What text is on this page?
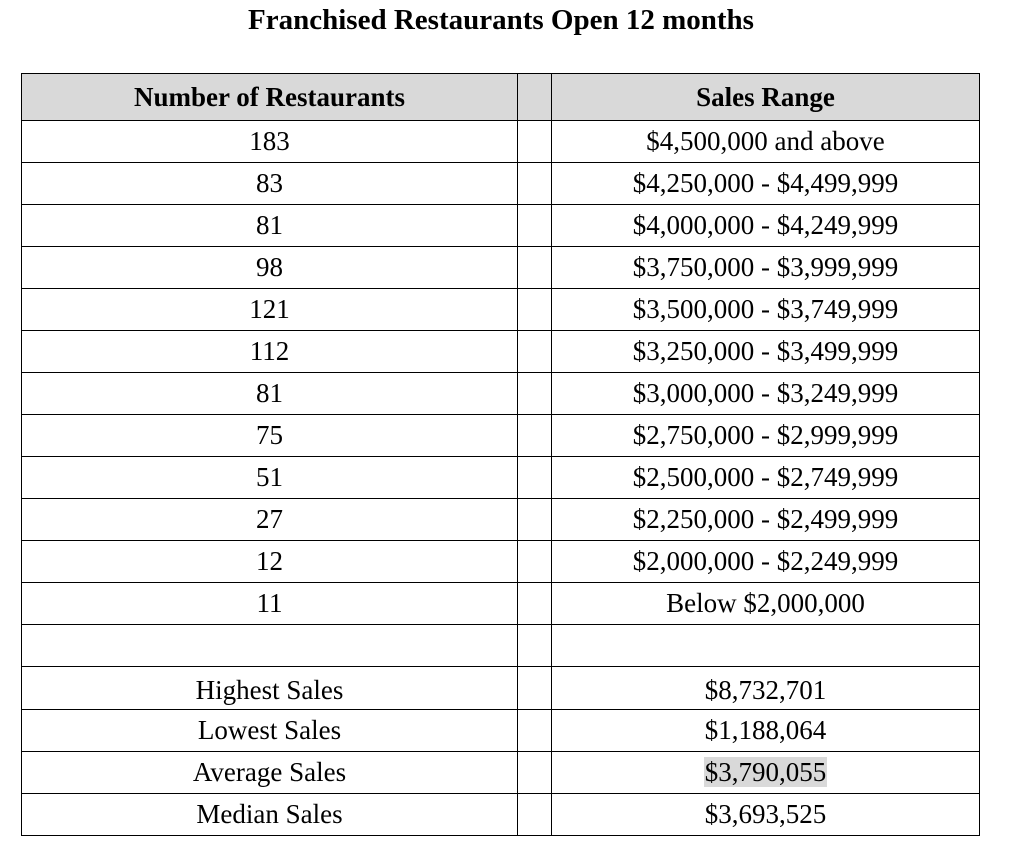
Franchised Restaurants Open 12 months
Number of Restaurants		Sales Range
183		$4,500,000 and above
83		$4,250,000 - $4,499,999
81		$4,000,000 - $4,249,999
98		$3,750,000 - $3,999,999
121		$3,500,000 - $3,749,999
112		$3,250,000 - $3,499,999
81		$3,000,000 - $3,249,999
75		$2,750,000 - $2,999,999
51		$2,500,000 - $2,749,999
27		$2,250,000 - $2,499,999
12		$2,000,000 - $2,249,999
11		Below $2,000,000

Highest Sales		$8,732,701
Lowest Sales		$1,188,064
Average Sales		$3,790,055
Median Sales		$3,693,525
